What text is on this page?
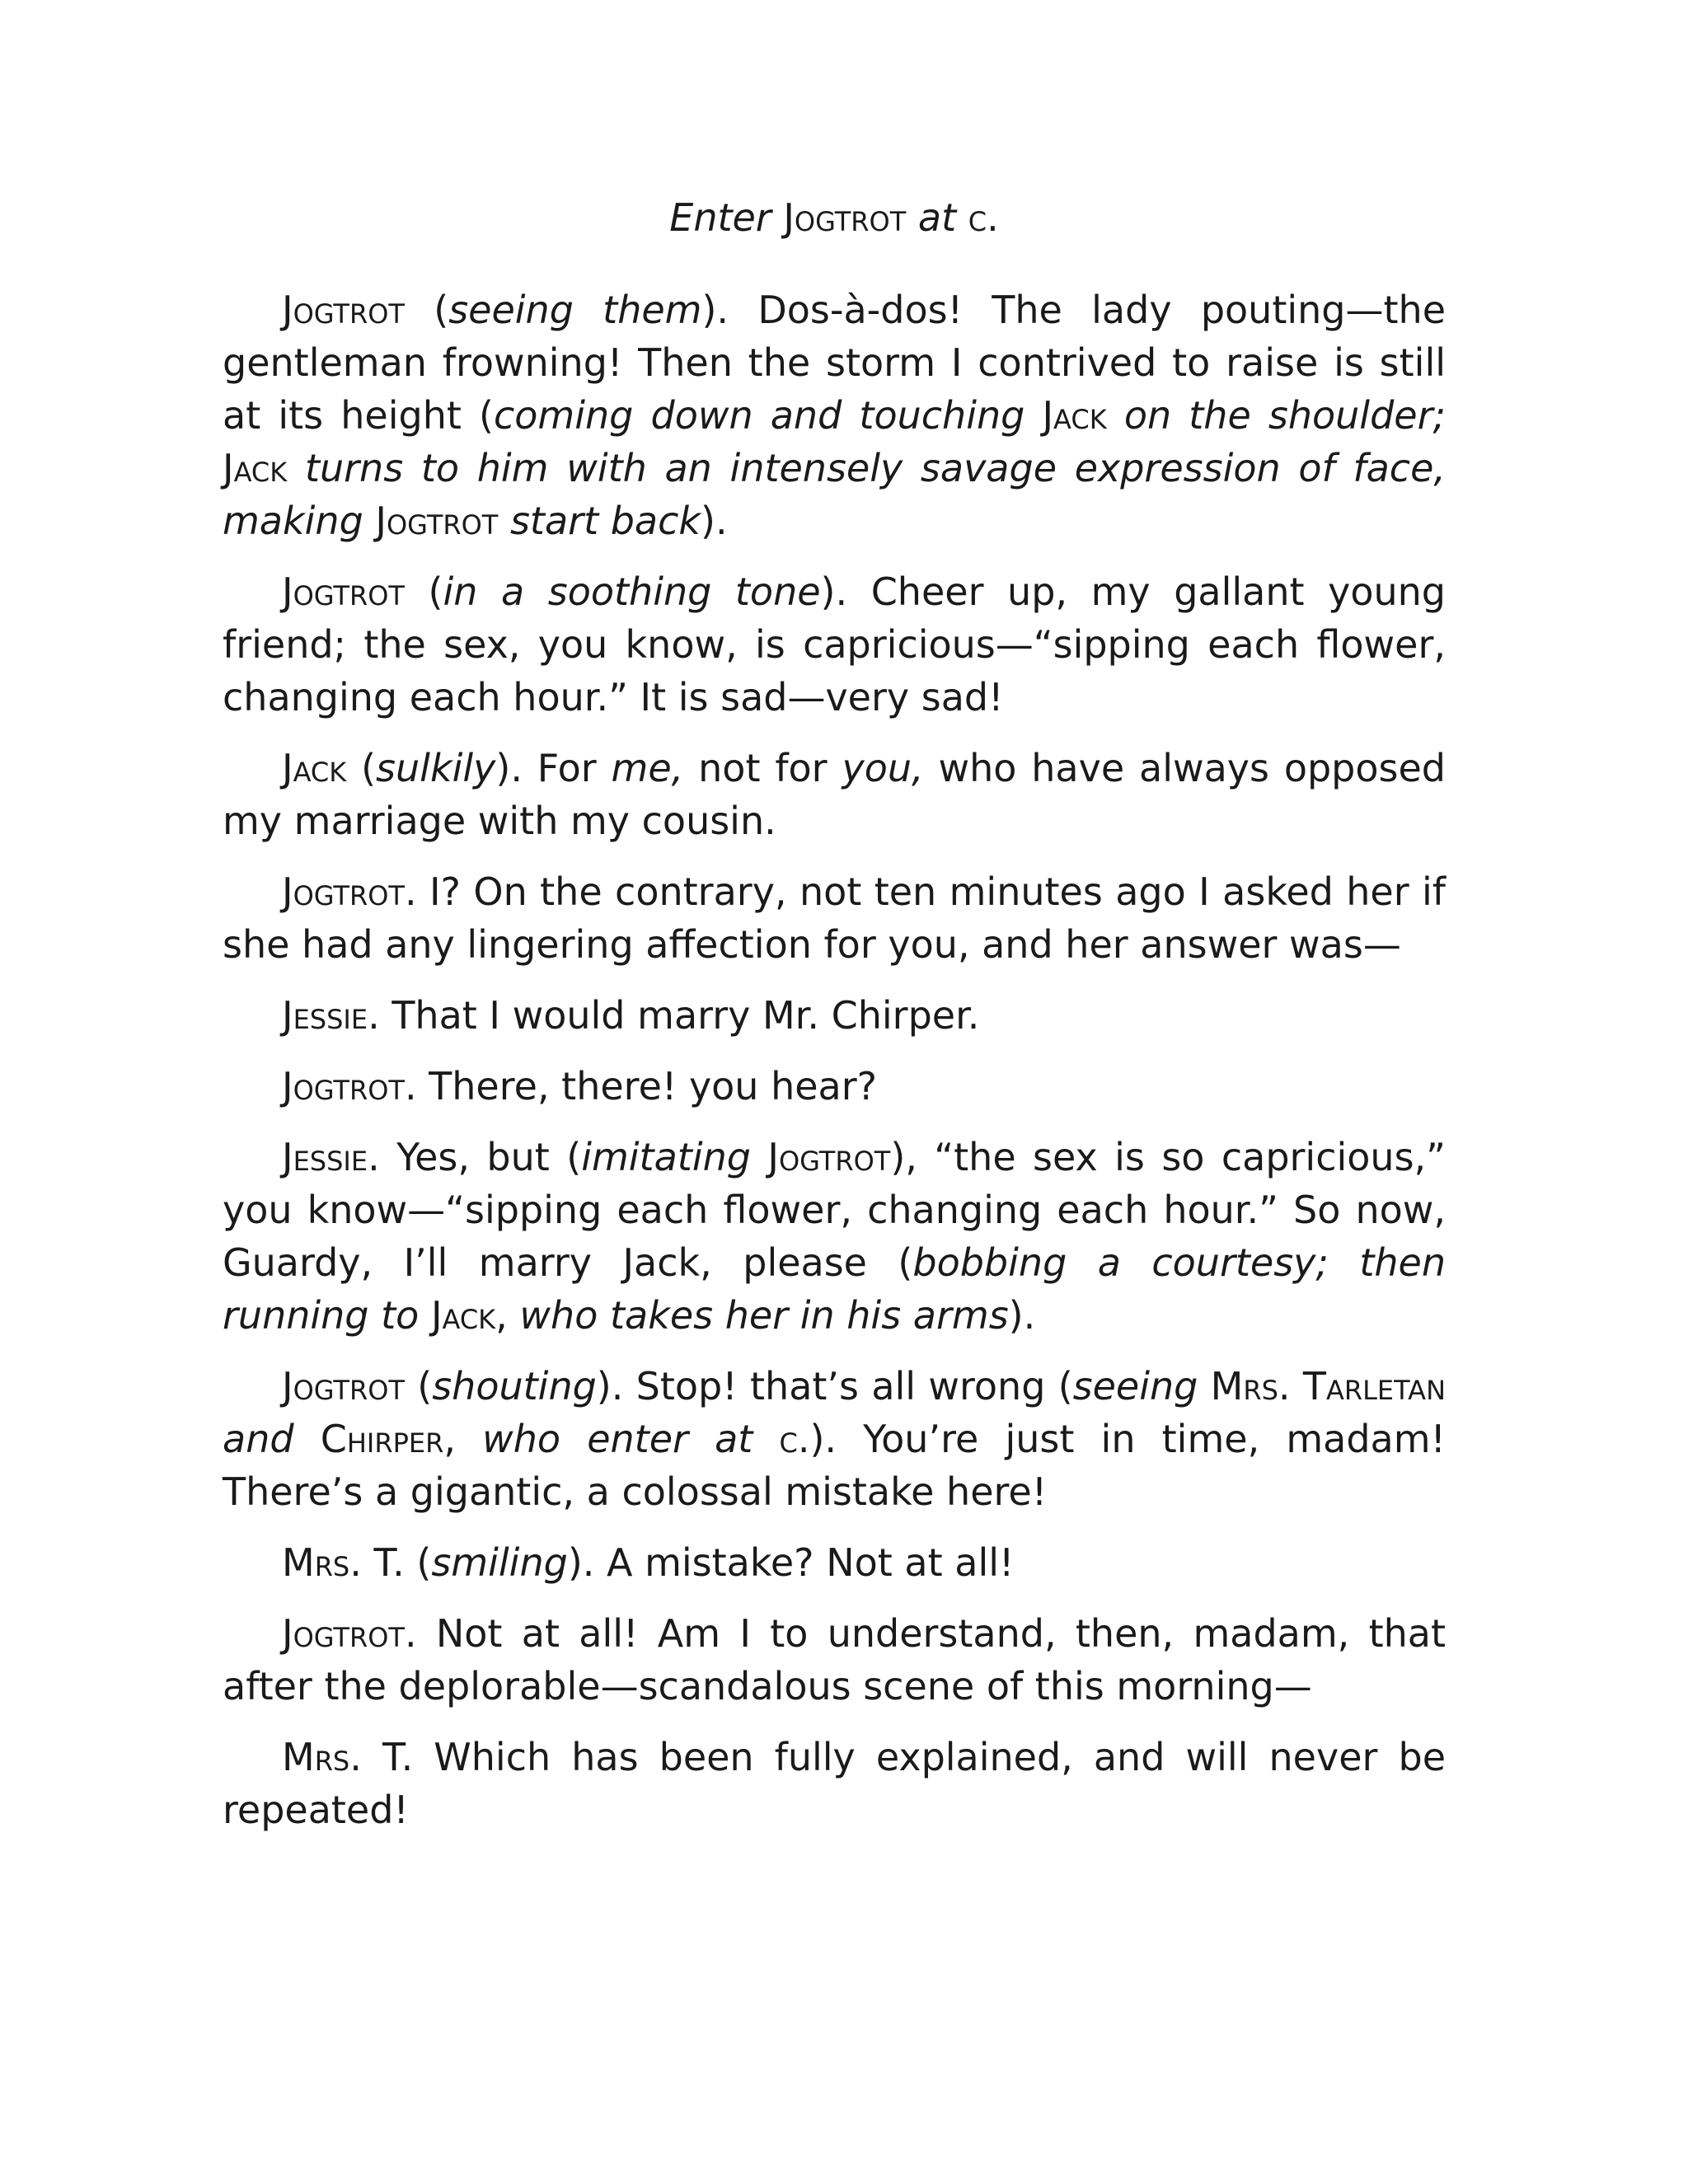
Enter Jogtrot at c.

Jogtrot (seeing them). Dos-à-dos! The lady pouting—the gentleman frowning! Then the storm I contrived to raise is still at its height (coming down and touching Jack on the shoulder; Jack turns to him with an intensely savage expression of face, making Jogtrot start back).

Jogtrot (in a soothing tone). Cheer up, my gallant young friend; the sex, you know, is capricious—“sipping each flower, changing each hour.” It is sad—very sad!

Jack (sulkily). For me, not for you, who have always opposed my marriage with my cousin.

Jogtrot. I? On the contrary, not ten minutes ago I asked her if she had any lingering affection for you, and her answer was—

Jessie. That I would marry Mr. Chirper.

Jogtrot. There, there! you hear?

Jessie. Yes, but (imitating Jogtrot), “the sex is so capricious,” you know—“sipping each flower, changing each hour.” So now, Guardy, I’ll marry Jack, please (bobbing a courtesy; then running to Jack, who takes her in his arms).

Jogtrot (shouting). Stop! that’s all wrong (seeing Mrs. Tarletan and Chirper, who enter at c.). You’re just in time, madam! There’s a gigantic, a colossal mistake here!

Mrs. T. (smiling). A mistake? Not at all!

Jogtrot. Not at all! Am I to understand, then, madam, that after the deplorable—scandalous scene of this morning—

Mrs. T. Which has been fully explained, and will never be repeated!
